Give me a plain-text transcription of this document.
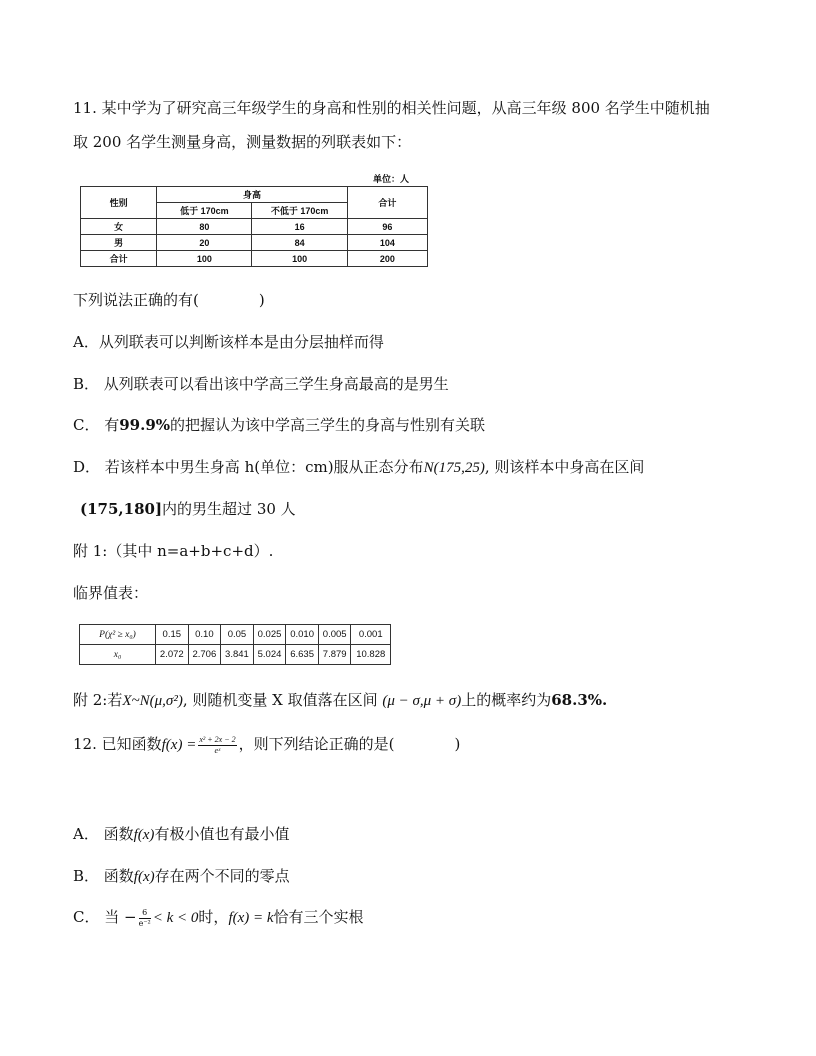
11. 某中学为了研究高三年级学生的身高和性别的相关性问题，从高三年级 800 名学生中随机抽
取 200 名学生测量身高，测量数据的列联表如下：
单位：人
性别	身高		合计
	低于 170cm	不低于 170cm	
女	80	16	96
男	20	84	104
合计	100	100	200
下列说法正确的有(　　　　)
A．从列联表可以判断该样本是由分层抽样而得
B． 从列联表可以看出该中学高三学生身高最高的是男生
C． 有99.9%的把握认为该中学高三学生的身高与性别有关联
D． 若该样本中男生身高 h(单位：cm)服从正态分布N(175,25), 则该样本中身高在区间
(175,180]内的男生超过 30 人
附 1:（其中 n=a+b+c+d）.
临界值表：
P(χ² ≥ x₀)	0.15	0.10	0.05	0.025	0.010	0.005	0.001
x₀	2.072	2.706	3.841	5.024	6.635	7.879	10.828
附 2:若X~N(μ,σ²), 则随机变量 X 取值落在区间 (μ − σ,μ + σ)上的概率约为68.3%.
12. 已知函数$f(x) = \frac{\text{x² + 2x − 2}}{\text{eˣ}}$ ，则下列结论正确的是(　　　　)
A． 函数f(x)有极小值也有最小值
B． 函数f(x)存在两个不同的零点
C． 当 − $\frac{6}{\text{e⁻²}} < k < 0$时，f(x) = k恰有三个实根
